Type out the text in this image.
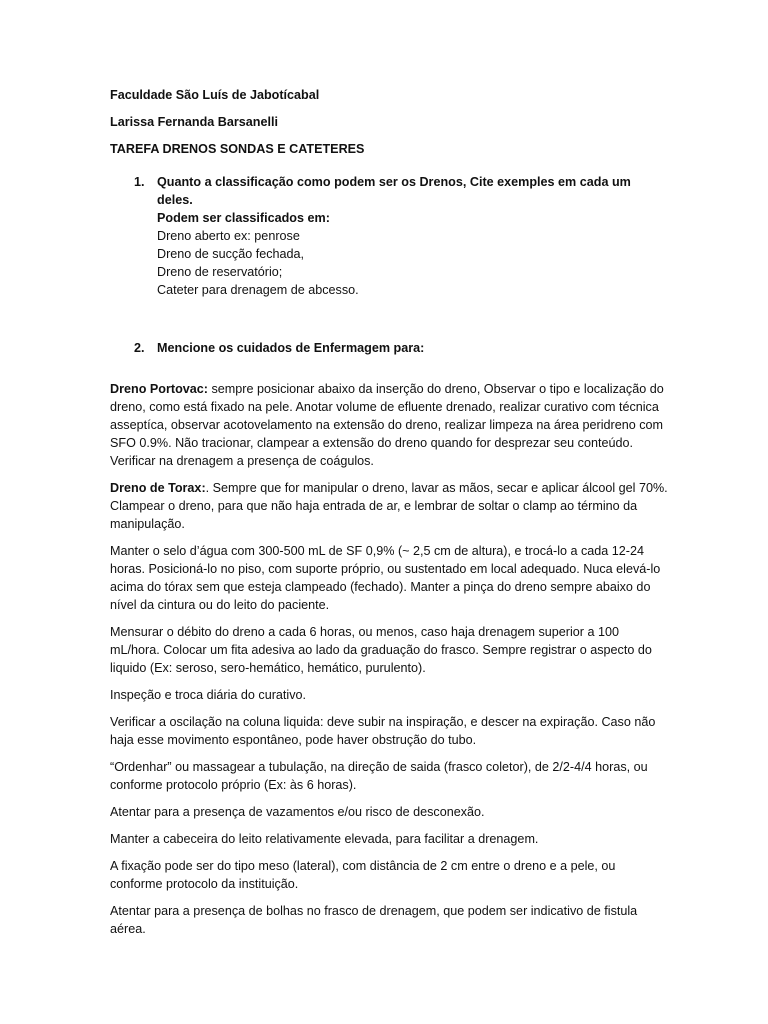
Faculdade São Luís de Jabotícabal
Larissa Fernanda Barsanelli
TAREFA DRENOS SONDAS E CATETERES
1. Quanto a classificação como podem ser os Drenos, Cite exemples em cada um deles.
Podem ser classificados em:
Dreno aberto ex: penrose
Dreno de sucção fechada,
Dreno de reservatório;
Cateter para drenagem de abcesso.
2. Mencione os cuidados de Enfermagem para:

Dreno Portovac: sempre posicionar abaixo da inserção do dreno, Observar o tipo e localização do dreno, como está fixado na pele. Anotar volume de efluente drenado, realizar curativo com técnica asseptíca, observar acotovelamento na extensão do dreno, realizar limpeza na área peridreno com SFO 0.9%. Não tracionar, clampear a extensão do dreno quando for desprezar seu conteúdo. Verificar na drenagem a presença de coágulos.

Dreno de Torax:. Sempre que for manipular o dreno, lavar as mãos, secar e aplicar álcool gel 70%. Clampear o dreno, para que não haja entrada de ar, e lembrar de soltar o clamp ao término da manipulação.

Manter o selo d’água com 300-500 mL de SF 0,9% (~ 2,5 cm de altura), e trocá-lo a cada 12-24 horas. Posicioná-lo no piso, com suporte próprio, ou sustentado em local adequado. Nuca elevá-lo acima do tórax sem que esteja clampeado (fechado). Manter a pinça do dreno sempre abaixo do nível da cintura ou do leito do paciente.

Mensurar o débito do dreno a cada 6 horas, ou menos, caso haja drenagem superior a 100 mL/hora. Colocar um fita adesiva ao lado da graduação do frasco. Sempre registrar o aspecto do liquido (Ex: seroso, sero-hemático, hemático, purulento).

Inspeção e troca diária do curativo.

Verificar a oscilação na coluna liquida: deve subir na inspiração, e descer na expiração. Caso não haja esse movimento espontâneo, pode haver obstrução do tubo.

“Ordenhar” ou massagear a tubulação, na direção de saida (frasco coletor), de 2/2-4/4 horas, ou conforme protocolo próprio (Ex: às 6 horas).

Atentar para a presença de vazamentos e/ou risco de desconexão.

Manter a cabeceira do leito relativamente elevada, para facilitar a drenagem.

A fixação pode ser do tipo meso (lateral), com distância de 2 cm entre o dreno e a pele, ou conforme protocolo da instituição.

Atentar para a presença de bolhas no frasco de drenagem, que podem ser indicativo de fistula aérea.
